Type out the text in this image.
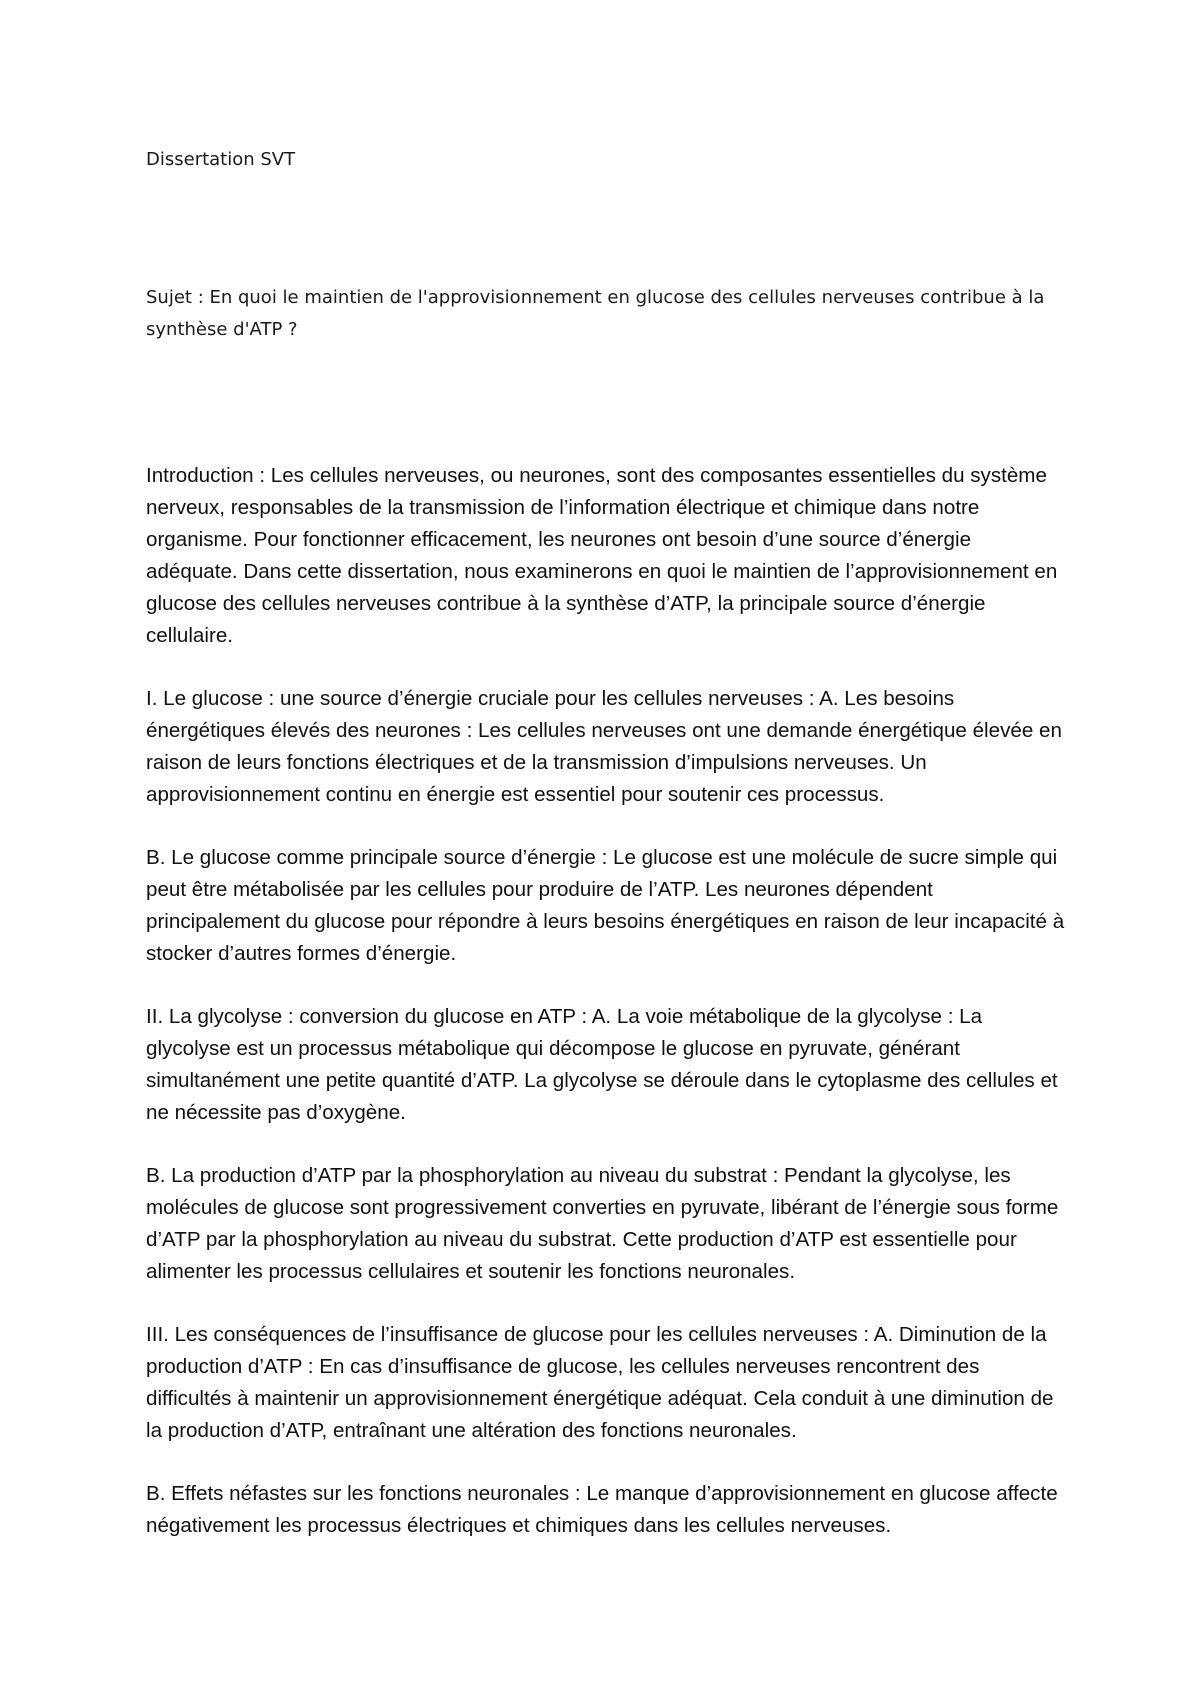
Dissertation SVT

Sujet : En quoi le maintien de l'approvisionnement en glucose des cellules nerveuses contribue à la synthèse d'ATP ?

Introduction : Les cellules nerveuses, ou neurones, sont des composantes essentielles du système nerveux, responsables de la transmission de l’information électrique et chimique dans notre organisme. Pour fonctionner efficacement, les neurones ont besoin d’une source d’énergie adéquate. Dans cette dissertation, nous examinerons en quoi le maintien de l’approvisionnement en glucose des cellules nerveuses contribue à la synthèse d’ATP, la principale source d’énergie cellulaire.

I. Le glucose : une source d’énergie cruciale pour les cellules nerveuses : A. Les besoins énergétiques élevés des neurones : Les cellules nerveuses ont une demande énergétique élevée en raison de leurs fonctions électriques et de la transmission d’impulsions nerveuses. Un approvisionnement continu en énergie est essentiel pour soutenir ces processus.

B. Le glucose comme principale source d’énergie : Le glucose est une molécule de sucre simple qui peut être métabolisée par les cellules pour produire de l’ATP. Les neurones dépendent principalement du glucose pour répondre à leurs besoins énergétiques en raison de leur incapacité à stocker d’autres formes d’énergie.

II. La glycolyse : conversion du glucose en ATP : A. La voie métabolique de la glycolyse : La glycolyse est un processus métabolique qui décompose le glucose en pyruvate, générant simultanément une petite quantité d’ATP. La glycolyse se déroule dans le cytoplasme des cellules et ne nécessite pas d’oxygène.

B. La production d’ATP par la phosphorylation au niveau du substrat : Pendant la glycolyse, les molécules de glucose sont progressivement converties en pyruvate, libérant de l’énergie sous forme d’ATP par la phosphorylation au niveau du substrat. Cette production d’ATP est essentielle pour alimenter les processus cellulaires et soutenir les fonctions neuronales.

III. Les conséquences de l’insuffisance de glucose pour les cellules nerveuses : A. Diminution de la production d’ATP : En cas d’insuffisance de glucose, les cellules nerveuses rencontrent des difficultés à maintenir un approvisionnement énergétique adéquat. Cela conduit à une diminution de la production d’ATP, entraînant une altération des fonctions neuronales.

B. Effets néfastes sur les fonctions neuronales : Le manque d’approvisionnement en glucose affecte négativement les processus électriques et chimiques dans les cellules nerveuses.
